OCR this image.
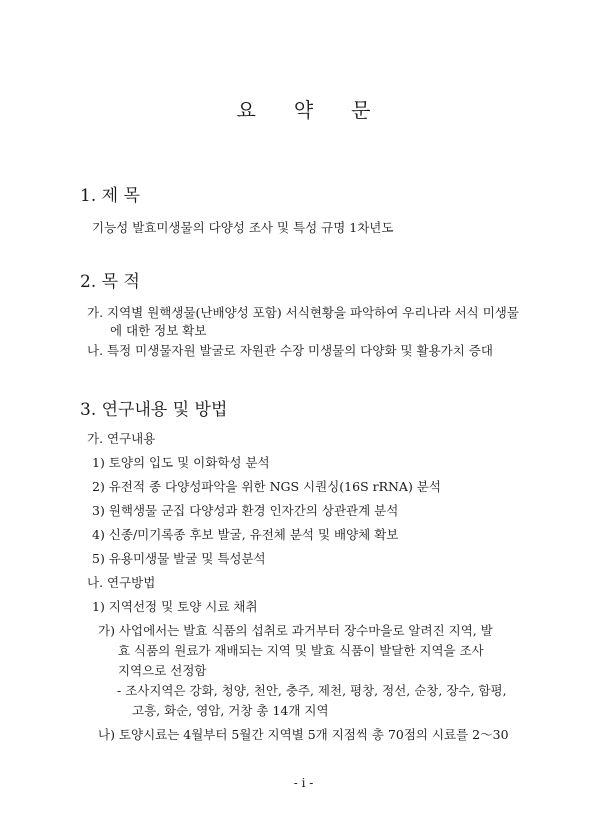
요 약 문
1. 제 목
기능성 발효미생물의 다양성 조사 및 특성 규명 1차년도
2. 목 적
가. 지역별 원핵생물(난배양성 포함) 서식현황을 파악하여 우리나라 서식 미생물
에 대한 정보 확보
나. 특정 미생물자원 발굴로 자원관 수장 미생물의 다양화 및 활용가치 증대
3. 연구내용 및 방법
가. 연구내용
1) 토양의 입도 및 이화학성 분석
2) 유전적 종 다양성파악을 위한 NGS 시퀀싱(16S rRNA) 분석
3) 원핵생물 군집 다양성과 환경 인자간의 상관관계 분석
4) 신종/미기록종 후보 발굴, 유전체 분석 및 배양체 확보
5) 유용미생물 발굴 및 특성분석
나. 연구방법
1) 지역선정 및 토양 시료 채취
가) 사업에서는 발효 식품의 섭취로 과거부터 장수마을로 알려진 지역, 발
효 식품의 원료가 재배되는 지역 및 발효 식품이 발달한 지역을 조사
지역으로 선정함
- 조사지역은 강화, 청양, 천안, 충주, 제천, 평창, 정선, 순창, 장수, 함평,
고흥, 화순, 영암, 거창 총 14개 지역
나) 토양시료는 4월부터 5월간 지역별 5개 지점씩 총 70점의 시료를 2～30
- i -
